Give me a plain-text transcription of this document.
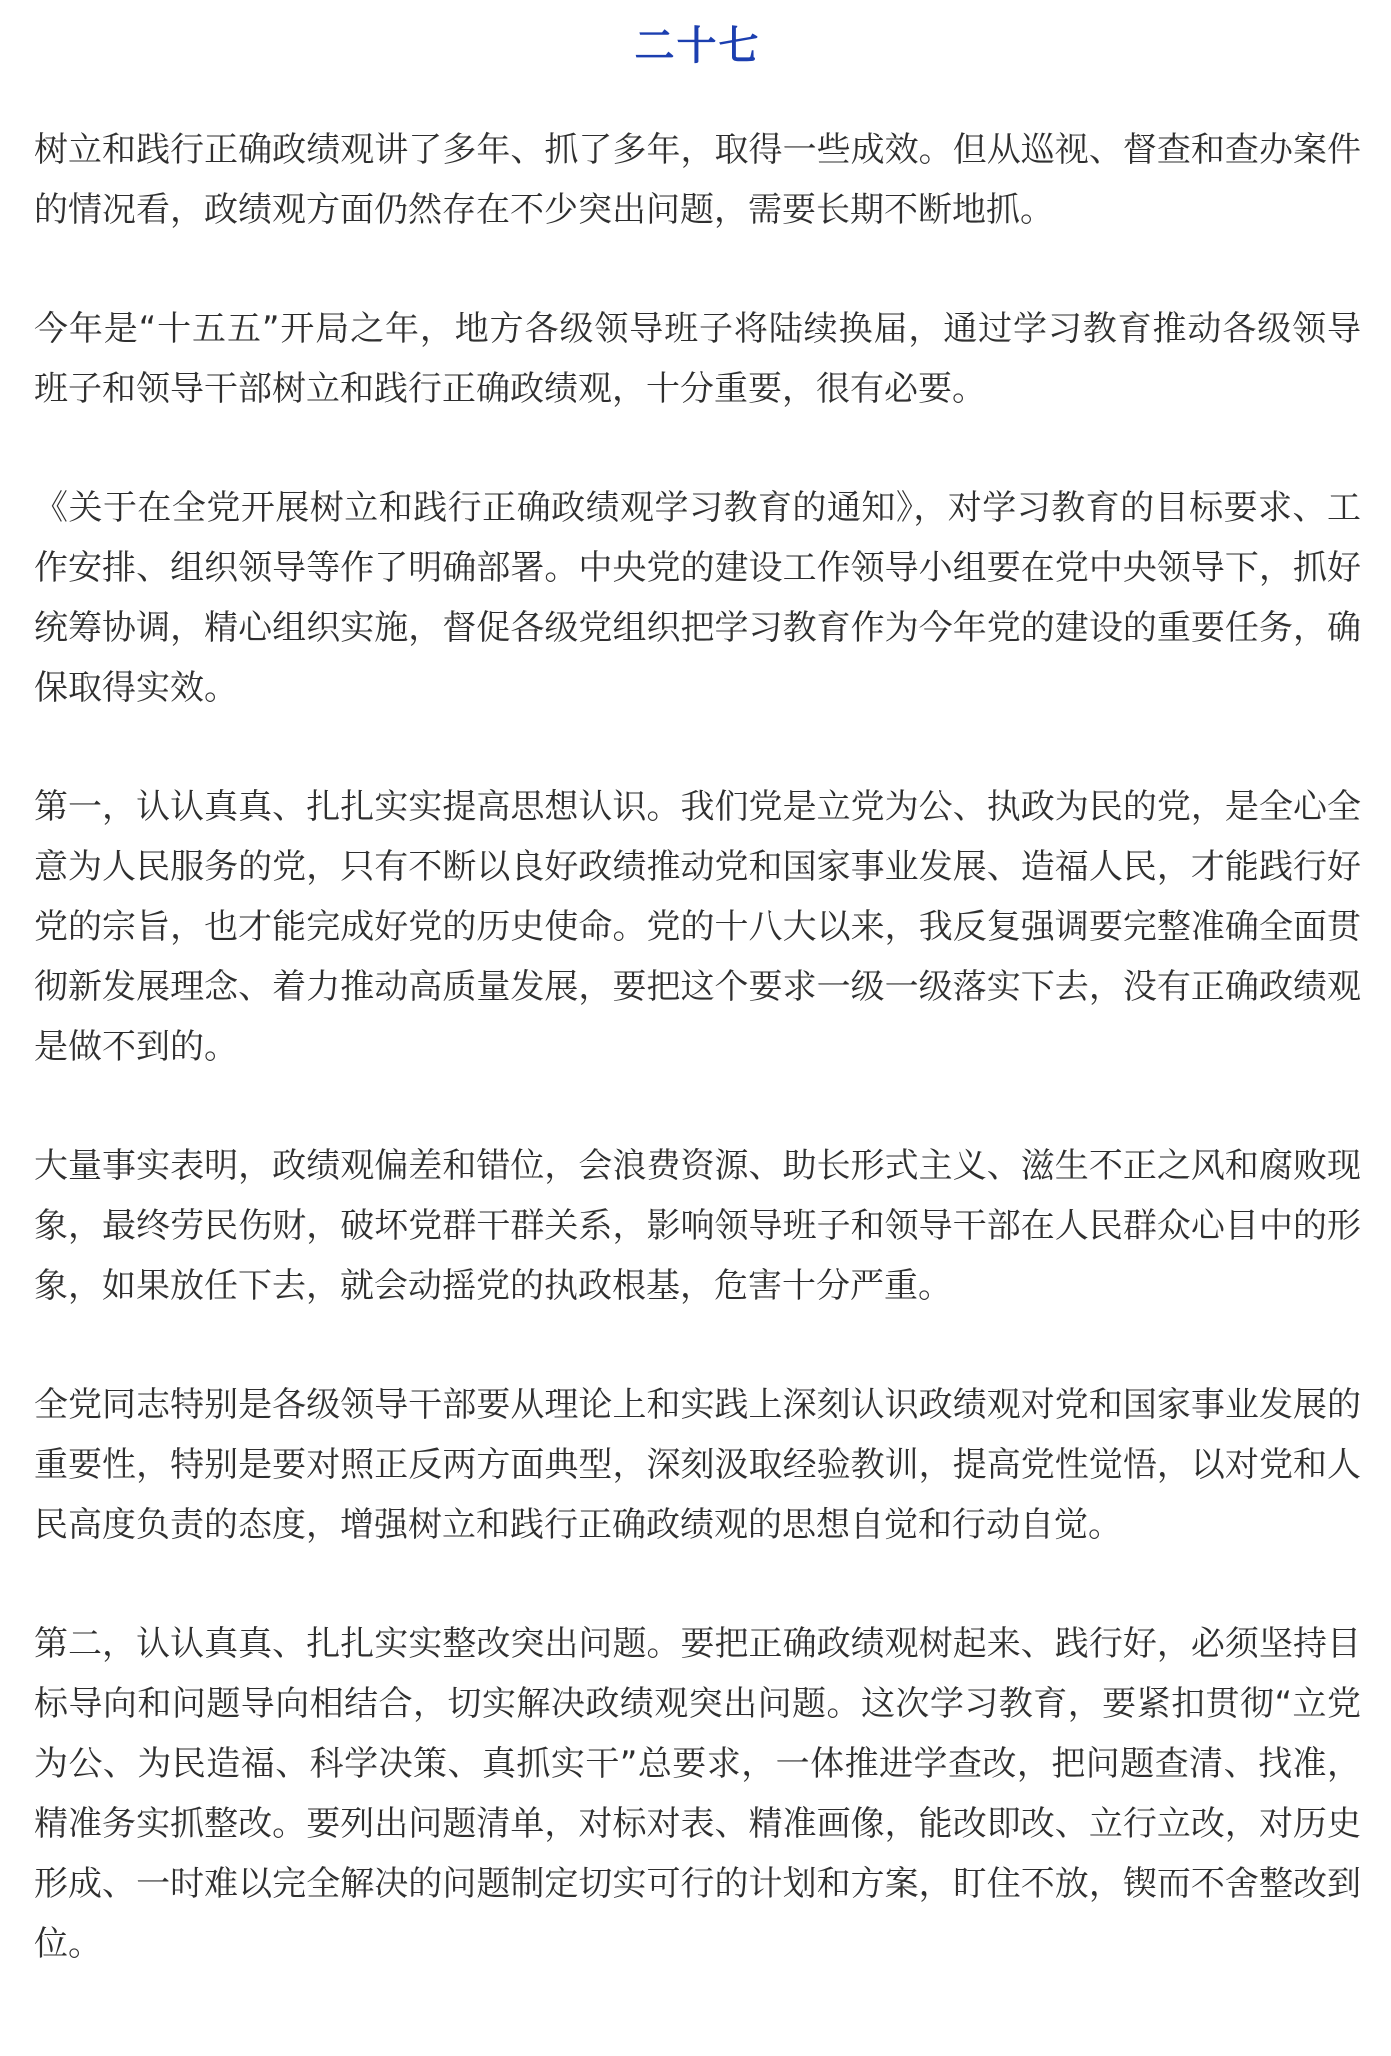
二十七

树立和践行正确政绩观讲了多年、抓了多年，取得一些成效。但从巡视、督查和查办案件的情况看，政绩观方面仍然存在不少突出问题，需要长期不断地抓。

今年是“十五五”开局之年，地方各级领导班子将陆续换届，通过学习教育推动各级领导班子和领导干部树立和践行正确政绩观，十分重要，很有必要。

《关于在全党开展树立和践行正确政绩观学习教育的通知》，对学习教育的目标要求、工作安排、组织领导等作了明确部署。中央党的建设工作领导小组要在党中央领导下，抓好统筹协调，精心组织实施，督促各级党组织把学习教育作为今年党的建设的重要任务，确保取得实效。

第一，认认真真、扎扎实实提高思想认识。我们党是立党为公、执政为民的党，是全心全意为人民服务的党，只有不断以良好政绩推动党和国家事业发展、造福人民，才能践行好党的宗旨，也才能完成好党的历史使命。党的十八大以来，我反复强调要完整准确全面贯彻新发展理念、着力推动高质量发展，要把这个要求一级一级落实下去，没有正确政绩观是做不到的。

大量事实表明，政绩观偏差和错位，会浪费资源、助长形式主义、滋生不正之风和腐败现象，最终劳民伤财，破坏党群干群关系，影响领导班子和领导干部在人民群众心目中的形象，如果放任下去，就会动摇党的执政根基，危害十分严重。

全党同志特别是各级领导干部要从理论上和实践上深刻认识政绩观对党和国家事业发展的重要性，特别是要对照正反两方面典型，深刻汲取经验教训，提高党性觉悟，以对党和人民高度负责的态度，增强树立和践行正确政绩观的思想自觉和行动自觉。

第二，认认真真、扎扎实实整改突出问题。要把正确政绩观树起来、践行好，必须坚持目标导向和问题导向相结合，切实解决政绩观突出问题。这次学习教育，要紧扣贯彻“立党为公、为民造福、科学决策、真抓实干”总要求，一体推进学查改，把问题查清、找准，精准务实抓整改。要列出问题清单，对标对表、精准画像，能改即改、立行立改，对历史形成、一时难以完全解决的问题制定切实可行的计划和方案，盯住不放，锲而不舍整改到位。
